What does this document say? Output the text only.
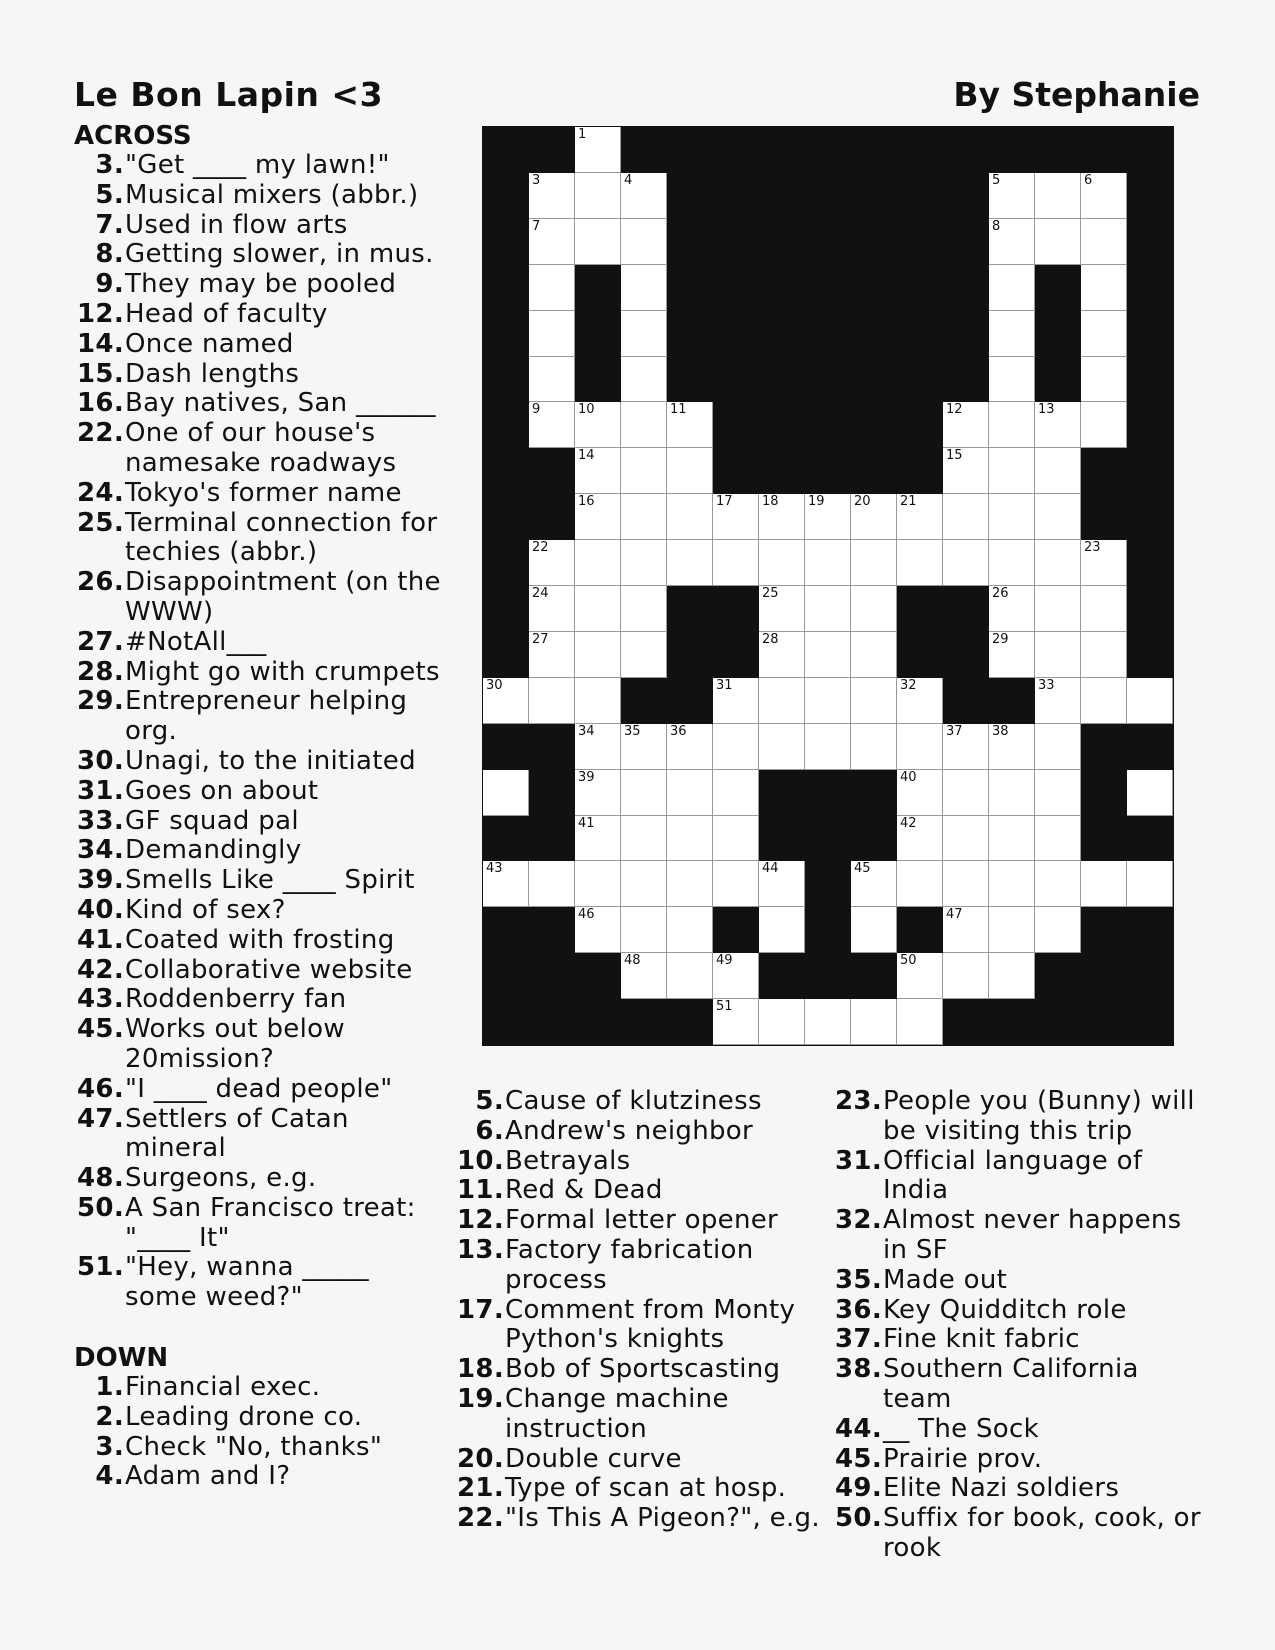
Le Bon Lapin <3	By Stephanie
ACROSS
3. "Get ____ my lawn!"
5. Musical mixers (abbr.)
7. Used in flow arts
8. Getting slower, in mus.
9. They may be pooled
12. Head of faculty
14. Once named
15. Dash lengths
16. Bay natives, San ______
22. One of our house's namesake roadways
24. Tokyo's former name
25. Terminal connection for techies (abbr.)
26. Disappointment (on the WWW)
27. #NotAll___
28. Might go with crumpets
29. Entrepreneur helping org.
30. Unagi, to the initiated
31. Goes on about
33. GF squad pal
34. Demandingly
39. Smells Like ____ Spirit
40. Kind of sex?
41. Coated with frosting
42. Collaborative website
43. Roddenberry fan
45. Works out below 20mission?
46. "I ____ dead people"
47. Settlers of Catan mineral
48. Surgeons, e.g.
50. A San Francisco treat: "____ It"
51. "Hey, wanna _____ some weed?"
DOWN
1. Financial exec.
2. Leading drone co.
3. Check "No, thanks"
4. Adam and I?
5. Cause of klutziness
6. Andrew's neighbor
10. Betrayals
11. Red & Dead
12. Formal letter opener
13. Factory fabrication process
17. Comment from Monty Python's knights
18. Bob of Sportscasting
19. Change machine instruction
20. Double curve
21. Type of scan at hosp.
22. "Is This A Pigeon?", e.g.
23. People you (Bunny) will be visiting this trip
31. Official language of India
32. Almost never happens in SF
35. Made out
36. Key Quidditch role
37. Fine knit fabric
38. Southern California team
44. __ The Sock
45. Prairie prov.
49. Elite Nazi soldiers
50. Suffix for book, cook, or rook
1	2
3	4	5	6
7	8
9	10	11	12	13
14	15
16	17 18 19 20 21
22	23
24	25	26
27	28	29
30	31	32	33
34 35 36	37 38
39	40
41	42
43	44	45
46	47
48	49	50
51
